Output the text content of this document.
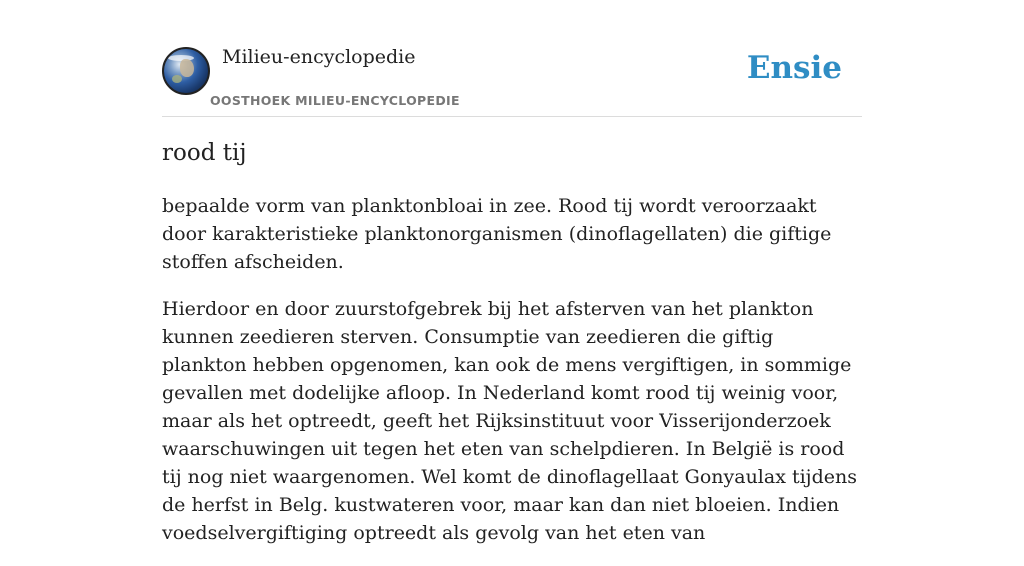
Milieu-encyclopedie
OOSTHOEK MILIEU-ENCYCLOPEDIE
Ensie
rood tij

bepaalde vorm van planktonbloai in zee. Rood tij wordt veroorzaakt door karakteristieke planktonorganismen (dinoflagellaten) die giftige stoffen afscheiden.

Hierdoor en door zuurstofgebrek bij het afsterven van het plankton kunnen zeedieren sterven. Consumptie van zeedieren die giftig plankton hebben opgenomen, kan ook de mens vergiftigen, in sommige gevallen met dodelijke afloop. In Nederland komt rood tij weinig voor, maar als het optreedt, geeft het Rijksinstituut voor Visserijonderzoek waarschuwingen uit tegen het eten van schelpdieren. In België is rood tij nog niet waargenomen. Wel komt de dinoflagellaat Gonyaulax tijdens de herfst in Belg. kustwateren voor, maar kan dan niet bloeien. Indien voedselvergiftiging optreedt als gevolg van het eten van
